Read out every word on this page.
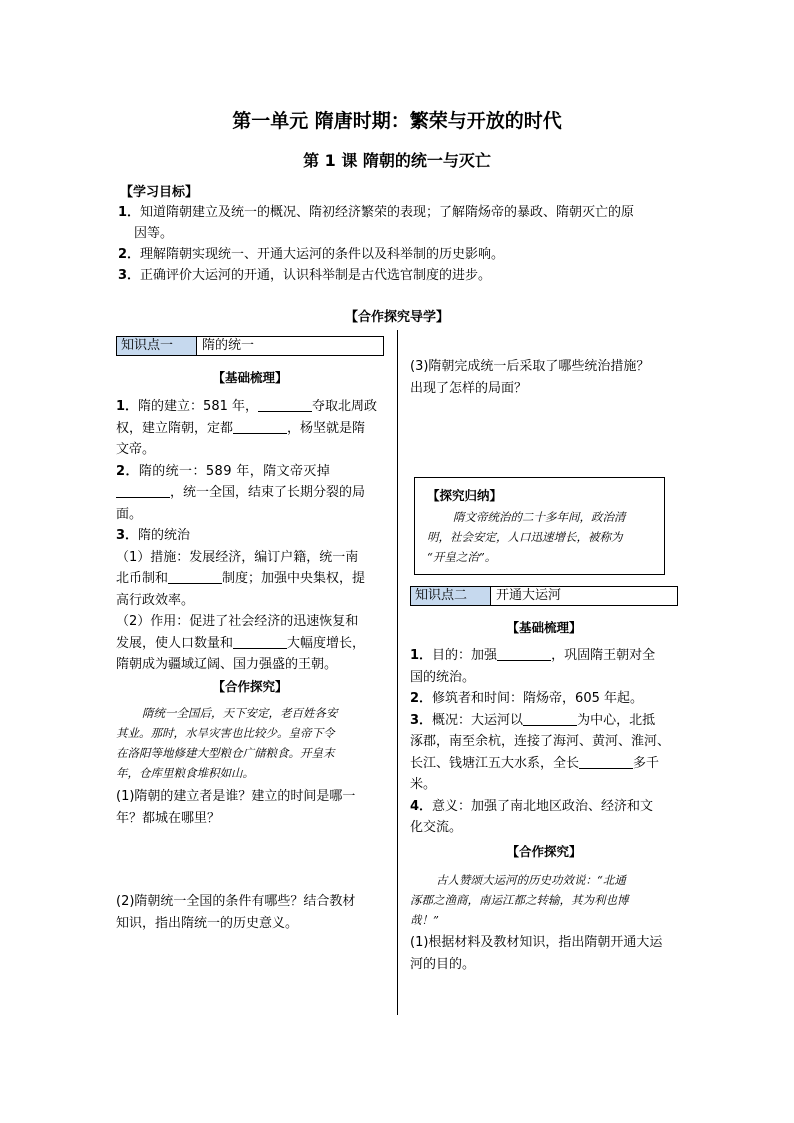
第一单元 隋唐时期：繁荣与开放的时代
第 1 课 隋朝的统一与灭亡
【学习目标】
1．知道隋朝建立及统一的概况、隋初经济繁荣的表现；了解隋炀帝的暴政、隋朝灭亡的原
因等。
2．理解隋朝实现统一、开通大运河的条件以及科举制的历史影响。
3．正确评价大运河的开通，认识科举制是古代选官制度的进步。
【合作探究导学】
知识点一	隋的统一
【基础梳理】
1．隋的建立：581 年，	夺取北周政
权，建立隋朝，定都	，杨坚就是隋
文帝。
2．隋的统一：589 年，隋文帝灭掉
，统一全国，结束了长期分裂的局
面。
3．隋的统治
（1）措施：发展经济，编订户籍，统一南
北币制和	制度；加强中央集权，提
高行政效率。
（2）作用：促进了社会经济的迅速恢复和
发展，使人口数量和	大幅度增长，
隋朝成为疆域辽阔、国力强盛的王朝。
【合作探究】
隋统一全国后，天下安定，老百姓各安
其业。那时，水旱灾害也比较少。皇帝下令
在洛阳等地修建大型粮仓广储粮食。开皇末
年，仓库里粮食堆积如山。
(1)隋朝的建立者是谁？建立的时间是哪一
年？都城在哪里？
(2)隋朝统一全国的条件有哪些？结合教材
知识，指出隋统一的历史意义。
(3)隋朝完成统一后采取了哪些统治措施？
出现了怎样的局面？
【探究归纳】
隋文帝统治的二十多年间，政治清
明，社会安定，人口迅速增长，被称为
“开皇之治”。
知识点二	开通大运河
【基础梳理】
1．目的：加强	，巩固隋王朝对全
国的统治。
2．修筑者和时间：隋炀帝，605 年起。
3．概况：大运河以	为中心，北抵
涿郡，南至余杭，连接了海河、黄河、淮河、
长江、钱塘江五大水系，全长	多千
米。
4．意义：加强了南北地区政治、经济和文
化交流。
【合作探究】
古人赞颂大运河的历史功效说：“北通
涿郡之渔商，南运江都之转输，其为利也博
哉！”
(1)根据材料及教材知识，指出隋朝开通大运
河的目的。
